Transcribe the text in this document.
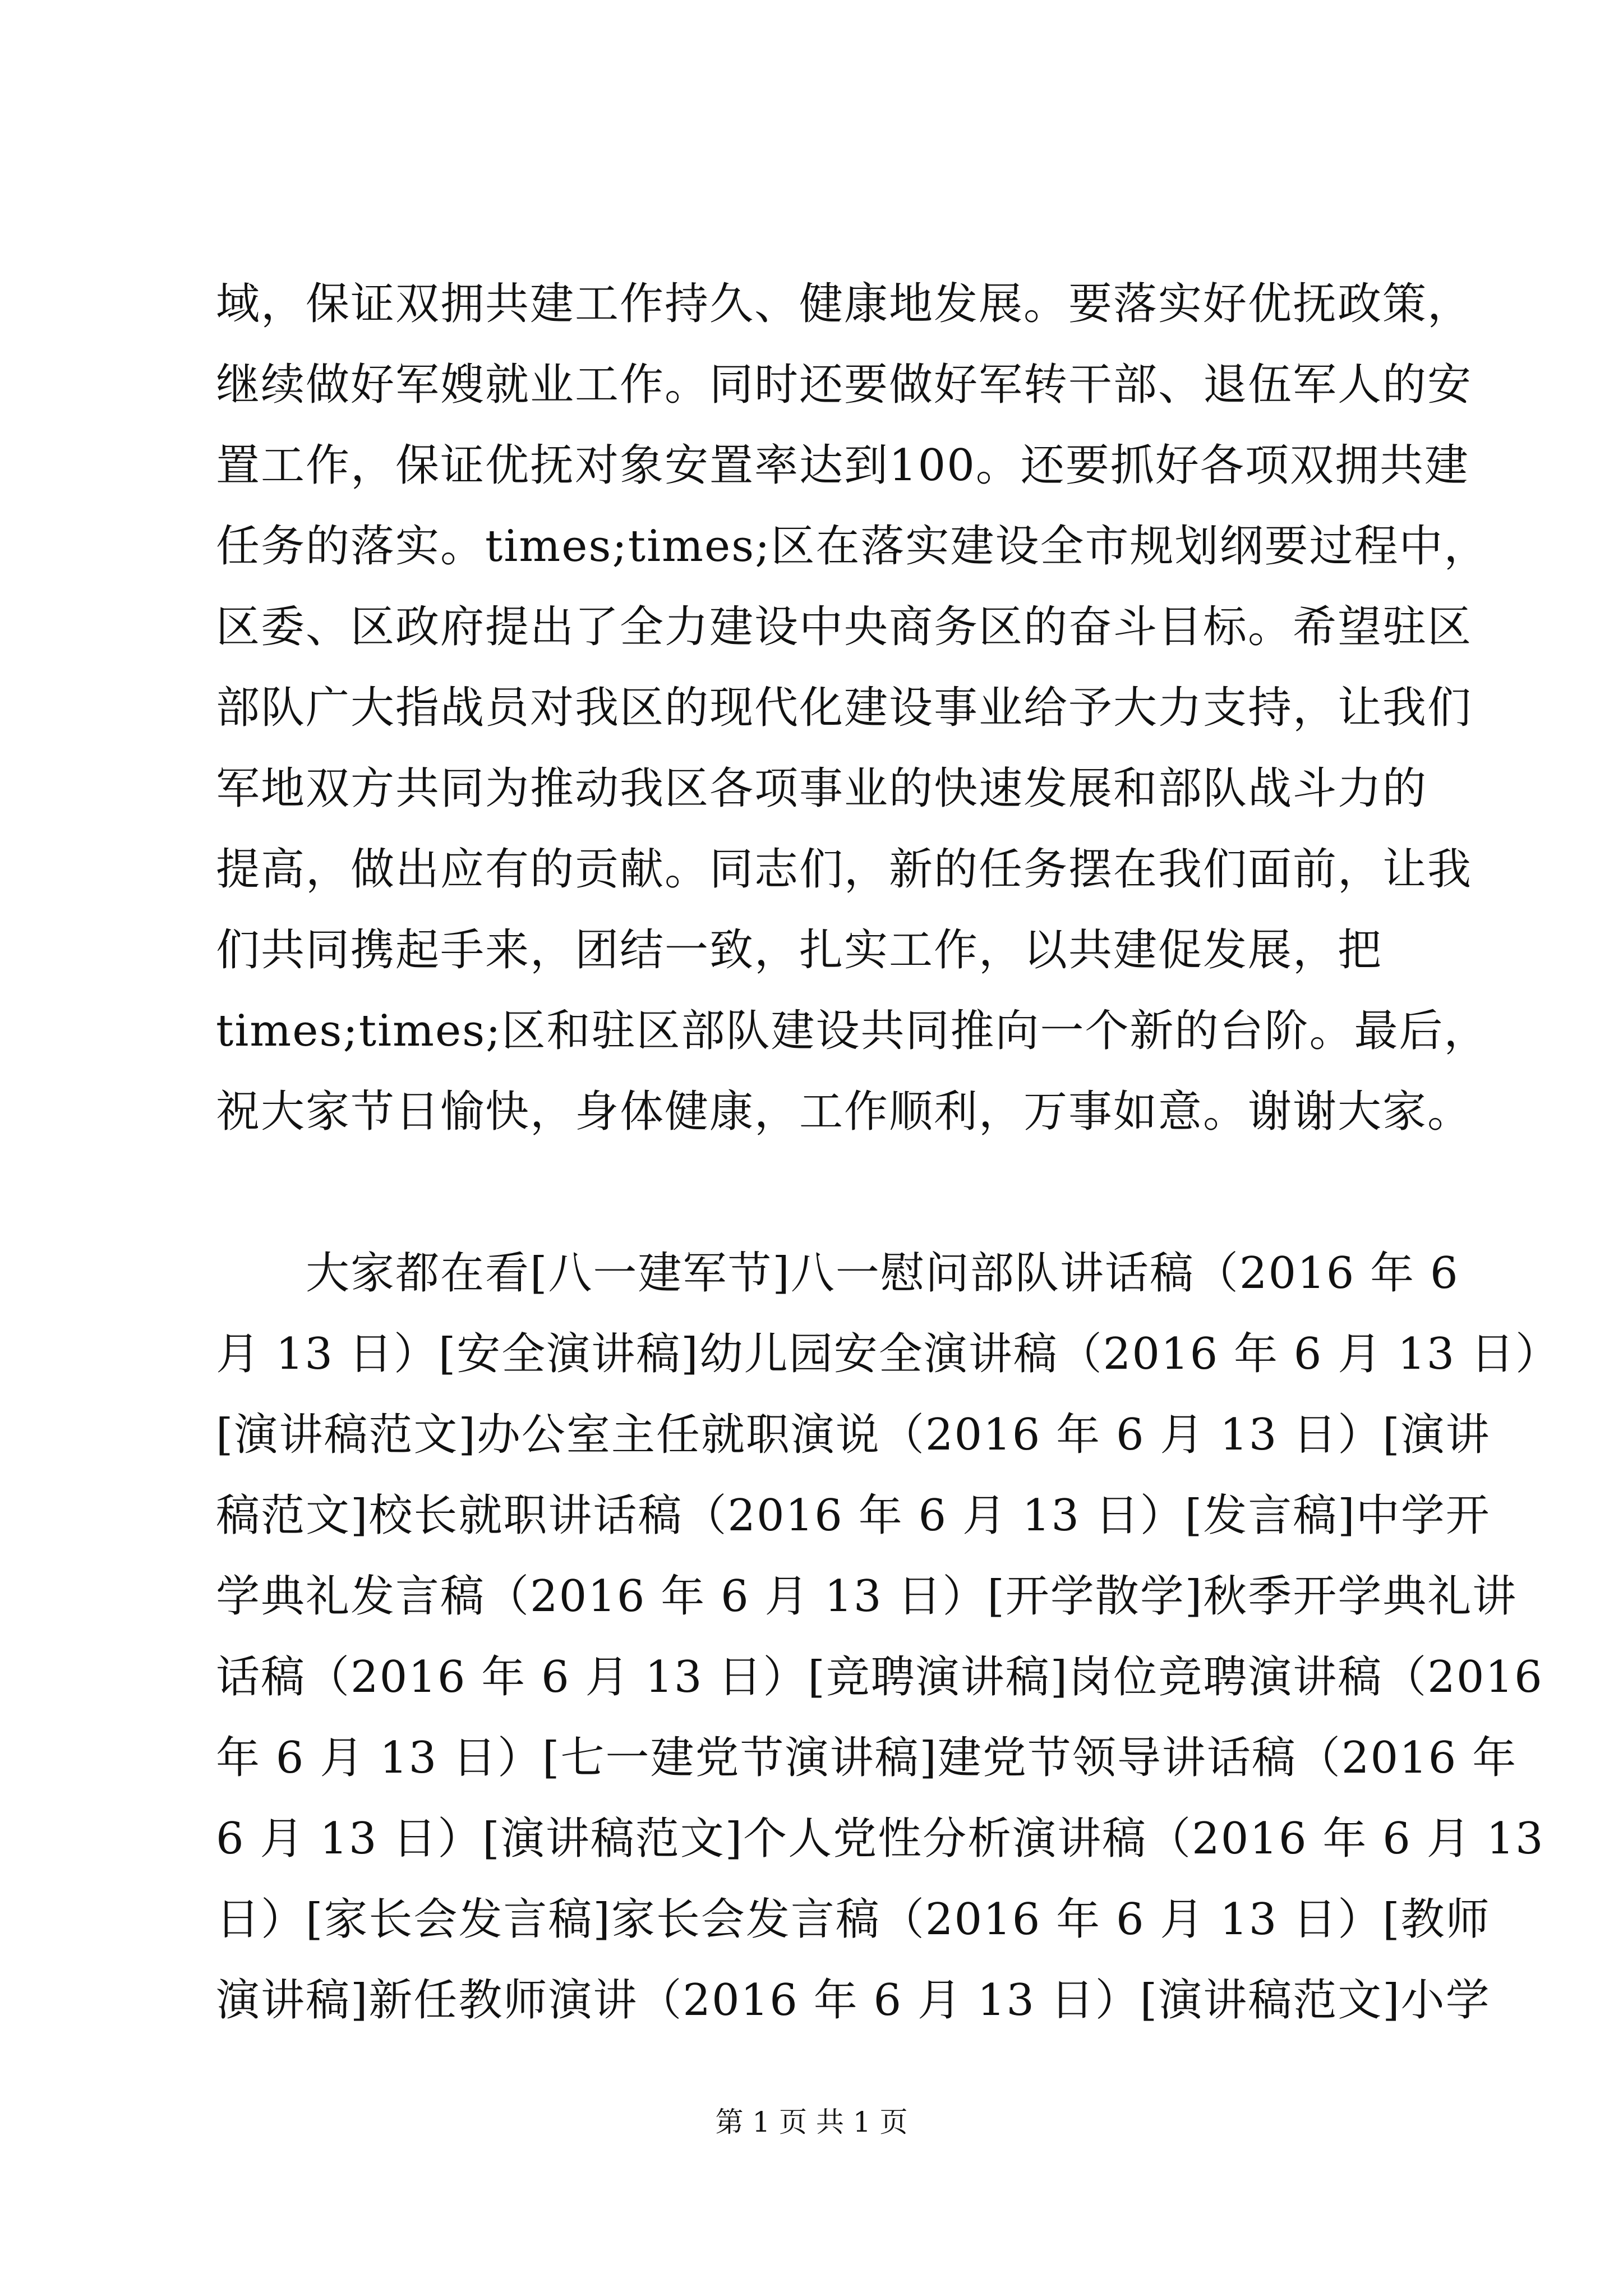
域，保证双拥共建工作持久、健康地发展。要落实好优抚政策，
继续做好军嫂就业工作。同时还要做好军转干部、退伍军人的安
置工作，保证优抚对象安置率达到100。还要抓好各项双拥共建
任务的落实。times;times;区在落实建设全市规划纲要过程中，
区委、区政府提出了全力建设中央商务区的奋斗目标。希望驻区
部队广大指战员对我区的现代化建设事业给予大力支持，让我们
军地双方共同为推动我区各项事业的快速发展和部队战斗力的
提高，做出应有的贡献。同志们，新的任务摆在我们面前，让我
们共同携起手来，团结一致，扎实工作，以共建促发展，把
times;times;区和驻区部队建设共同推向一个新的台阶。最后，
祝大家节日愉快，身体健康，工作顺利，万事如意。谢谢大家。
　　大家都在看[八一建军节]八一慰问部队讲话稿（2016 年 6
月 13 日）[安全演讲稿]幼儿园安全演讲稿（2016 年 6 月 13 日）
[演讲稿范文]办公室主任就职演说（2016 年 6 月 13 日）[演讲
稿范文]校长就职讲话稿（2016 年 6 月 13 日）[发言稿]中学开
学典礼发言稿（2016 年 6 月 13 日）[开学散学]秋季开学典礼讲
话稿（2016 年 6 月 13 日）[竞聘演讲稿]岗位竞聘演讲稿（2016
年 6 月 13 日）[七一建党节演讲稿]建党节领导讲话稿（2016 年
6 月 13 日）[演讲稿范文]个人党性分析演讲稿（2016 年 6 月 13
日）[家长会发言稿]家长会发言稿（2016 年 6 月 13 日）[教师
演讲稿]新任教师演讲（2016 年 6 月 13 日）[演讲稿范文]小学
第 1 页 共 1 页
